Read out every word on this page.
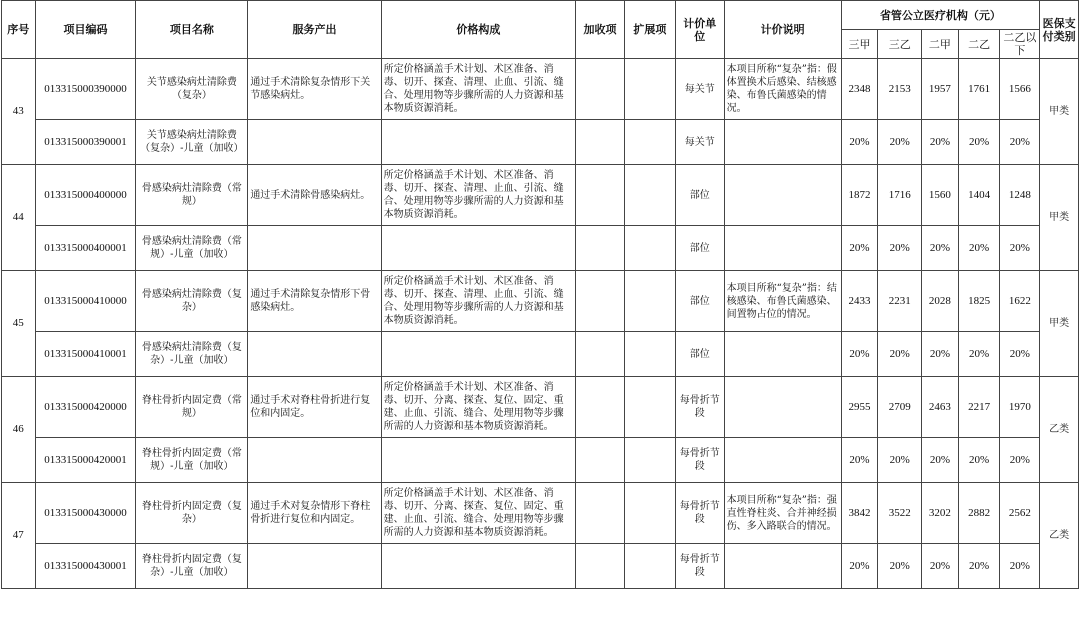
序号	项目编码	项目名称	服务产出	价格构成	加收项	扩展项	计价单位	计价说明	省管公立医疗机构（元）					医保支付类别
									三甲	三乙	二甲	二乙	二乙以下	
43	013315000390000	关节感染病灶清除费（复杂）	通过手术清除复杂情形下关节感染病灶。	所定价格涵盖手术计划、术区准备、消毒、切开、探查、清理、止血、引流、缝合、处理用物等步骤所需的人力资源和基本物质资源消耗。			每关节	本项目所称“复杂”指：假体置换术后感染、结核感染、布鲁氏菌感染的情况。	2348	2153	1957	1761	1566	甲类
	013315000390001	关节感染病灶清除费（复杂）-儿童（加收）					每关节		20%	20%	20%	20%	20%	
44	013315000400000	骨感染病灶清除费（常规）	通过手术清除骨感染病灶。	所定价格涵盖手术计划、术区准备、消毒、切开、探查、清理、止血、引流、缝合、处理用物等步骤所需的人力资源和基本物质资源消耗。			部位		1872	1716	1560	1404	1248	甲类
	013315000400001	骨感染病灶清除费（常规）-儿童（加收）					部位		20%	20%	20%	20%	20%	
45	013315000410000	骨感染病灶清除费（复杂）	通过手术清除复杂情形下骨感染病灶。	所定价格涵盖手术计划、术区准备、消毒、切开、探查、清理、止血、引流、缝合、处理用物等步骤所需的人力资源和基本物质资源消耗。			部位	本项目所称“复杂”指：结核感染、布鲁氏菌感染、间置物占位的情况。	2433	2231	2028	1825	1622	甲类
	013315000410001	骨感染病灶清除费（复杂）-儿童（加收）					部位		20%	20%	20%	20%	20%	
46	013315000420000	脊柱骨折内固定费（常规）	通过手术对脊柱骨折进行复位和内固定。	所定价格涵盖手术计划、术区准备、消毒、切开、分离、探查、复位、固定、重建、止血、引流、缝合、处理用物等步骤所需的人力资源和基本物质资源消耗。			每骨折节段		2955	2709	2463	2217	1970	乙类
	013315000420001	脊柱骨折内固定费（常规）-儿童（加收）					每骨折节段		20%	20%	20%	20%	20%	
47	013315000430000	脊柱骨折内固定费（复杂）	通过手术对复杂情形下脊柱骨折进行复位和内固定。	所定价格涵盖手术计划、术区准备、消毒、切开、分离、探查、复位、固定、重建、止血、引流、缝合、处理用物等步骤所需的人力资源和基本物质资源消耗。			每骨折节段	本项目所称“复杂”指：强直性脊柱炎、合并神经损伤、多入路联合的情况。	3842	3522	3202	2882	2562	乙类
	013315000430001	脊柱骨折内固定费（复杂）-儿童（加收）					每骨折节段		20%	20%	20%	20%	20%	
